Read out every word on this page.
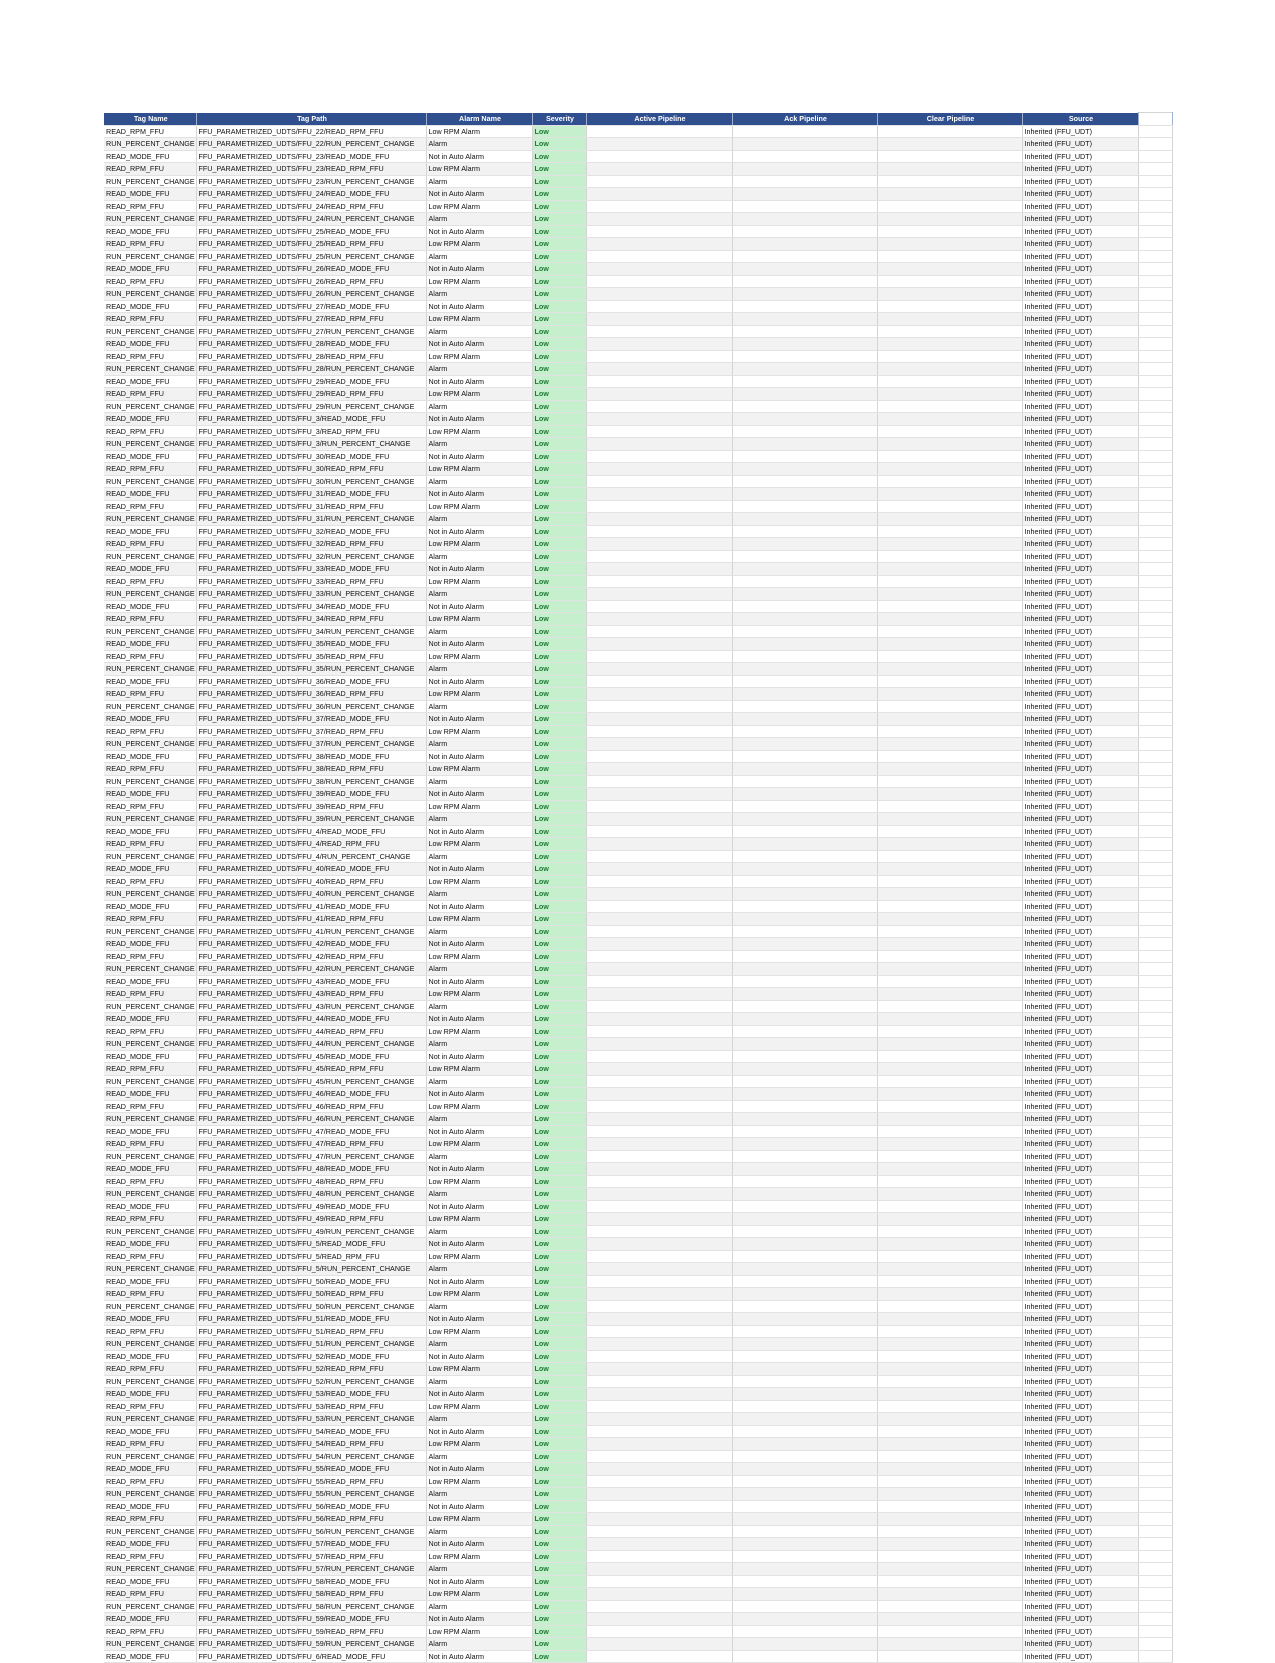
Tag Name	Tag Path	Alarm Name	Severity	Active Pipeline	Ack Pipeline	Clear Pipeline	Source	
READ_RPM_FFU	FFU_PARAMETRIZED_UDTS/FFU_22/READ_RPM_FFU	Low RPM Alarm	Low				Inherited (FFU_UDT)	
RUN_PERCENT_CHANGE	FFU_PARAMETRIZED_UDTS/FFU_22/RUN_PERCENT_CHANGE	Alarm	Low				Inherited (FFU_UDT)	
READ_MODE_FFU	FFU_PARAMETRIZED_UDTS/FFU_23/READ_MODE_FFU	Not in Auto Alarm	Low				Inherited (FFU_UDT)	
READ_RPM_FFU	FFU_PARAMETRIZED_UDTS/FFU_23/READ_RPM_FFU	Low RPM Alarm	Low				Inherited (FFU_UDT)	
RUN_PERCENT_CHANGE	FFU_PARAMETRIZED_UDTS/FFU_23/RUN_PERCENT_CHANGE	Alarm	Low				Inherited (FFU_UDT)	
READ_MODE_FFU	FFU_PARAMETRIZED_UDTS/FFU_24/READ_MODE_FFU	Not in Auto Alarm	Low				Inherited (FFU_UDT)	
READ_RPM_FFU	FFU_PARAMETRIZED_UDTS/FFU_24/READ_RPM_FFU	Low RPM Alarm	Low				Inherited (FFU_UDT)	
RUN_PERCENT_CHANGE	FFU_PARAMETRIZED_UDTS/FFU_24/RUN_PERCENT_CHANGE	Alarm	Low				Inherited (FFU_UDT)	
READ_MODE_FFU	FFU_PARAMETRIZED_UDTS/FFU_25/READ_MODE_FFU	Not in Auto Alarm	Low				Inherited (FFU_UDT)	
READ_RPM_FFU	FFU_PARAMETRIZED_UDTS/FFU_25/READ_RPM_FFU	Low RPM Alarm	Low				Inherited (FFU_UDT)	
RUN_PERCENT_CHANGE	FFU_PARAMETRIZED_UDTS/FFU_25/RUN_PERCENT_CHANGE	Alarm	Low				Inherited (FFU_UDT)	
READ_MODE_FFU	FFU_PARAMETRIZED_UDTS/FFU_26/READ_MODE_FFU	Not in Auto Alarm	Low				Inherited (FFU_UDT)	
READ_RPM_FFU	FFU_PARAMETRIZED_UDTS/FFU_26/READ_RPM_FFU	Low RPM Alarm	Low				Inherited (FFU_UDT)	
RUN_PERCENT_CHANGE	FFU_PARAMETRIZED_UDTS/FFU_26/RUN_PERCENT_CHANGE	Alarm	Low				Inherited (FFU_UDT)	
READ_MODE_FFU	FFU_PARAMETRIZED_UDTS/FFU_27/READ_MODE_FFU	Not in Auto Alarm	Low				Inherited (FFU_UDT)	
READ_RPM_FFU	FFU_PARAMETRIZED_UDTS/FFU_27/READ_RPM_FFU	Low RPM Alarm	Low				Inherited (FFU_UDT)	
RUN_PERCENT_CHANGE	FFU_PARAMETRIZED_UDTS/FFU_27/RUN_PERCENT_CHANGE	Alarm	Low				Inherited (FFU_UDT)	
READ_MODE_FFU	FFU_PARAMETRIZED_UDTS/FFU_28/READ_MODE_FFU	Not in Auto Alarm	Low				Inherited (FFU_UDT)	
READ_RPM_FFU	FFU_PARAMETRIZED_UDTS/FFU_28/READ_RPM_FFU	Low RPM Alarm	Low				Inherited (FFU_UDT)	
RUN_PERCENT_CHANGE	FFU_PARAMETRIZED_UDTS/FFU_28/RUN_PERCENT_CHANGE	Alarm	Low				Inherited (FFU_UDT)	
READ_MODE_FFU	FFU_PARAMETRIZED_UDTS/FFU_29/READ_MODE_FFU	Not in Auto Alarm	Low				Inherited (FFU_UDT)	
READ_RPM_FFU	FFU_PARAMETRIZED_UDTS/FFU_29/READ_RPM_FFU	Low RPM Alarm	Low				Inherited (FFU_UDT)	
RUN_PERCENT_CHANGE	FFU_PARAMETRIZED_UDTS/FFU_29/RUN_PERCENT_CHANGE	Alarm	Low				Inherited (FFU_UDT)	
READ_MODE_FFU	FFU_PARAMETRIZED_UDTS/FFU_3/READ_MODE_FFU	Not in Auto Alarm	Low				Inherited (FFU_UDT)	
READ_RPM_FFU	FFU_PARAMETRIZED_UDTS/FFU_3/READ_RPM_FFU	Low RPM Alarm	Low				Inherited (FFU_UDT)	
RUN_PERCENT_CHANGE	FFU_PARAMETRIZED_UDTS/FFU_3/RUN_PERCENT_CHANGE	Alarm	Low				Inherited (FFU_UDT)	
READ_MODE_FFU	FFU_PARAMETRIZED_UDTS/FFU_30/READ_MODE_FFU	Not in Auto Alarm	Low				Inherited (FFU_UDT)	
READ_RPM_FFU	FFU_PARAMETRIZED_UDTS/FFU_30/READ_RPM_FFU	Low RPM Alarm	Low				Inherited (FFU_UDT)	
RUN_PERCENT_CHANGE	FFU_PARAMETRIZED_UDTS/FFU_30/RUN_PERCENT_CHANGE	Alarm	Low				Inherited (FFU_UDT)	
READ_MODE_FFU	FFU_PARAMETRIZED_UDTS/FFU_31/READ_MODE_FFU	Not in Auto Alarm	Low				Inherited (FFU_UDT)	
READ_RPM_FFU	FFU_PARAMETRIZED_UDTS/FFU_31/READ_RPM_FFU	Low RPM Alarm	Low				Inherited (FFU_UDT)	
RUN_PERCENT_CHANGE	FFU_PARAMETRIZED_UDTS/FFU_31/RUN_PERCENT_CHANGE	Alarm	Low				Inherited (FFU_UDT)	
READ_MODE_FFU	FFU_PARAMETRIZED_UDTS/FFU_32/READ_MODE_FFU	Not in Auto Alarm	Low				Inherited (FFU_UDT)	
READ_RPM_FFU	FFU_PARAMETRIZED_UDTS/FFU_32/READ_RPM_FFU	Low RPM Alarm	Low				Inherited (FFU_UDT)	
RUN_PERCENT_CHANGE	FFU_PARAMETRIZED_UDTS/FFU_32/RUN_PERCENT_CHANGE	Alarm	Low				Inherited (FFU_UDT)	
READ_MODE_FFU	FFU_PARAMETRIZED_UDTS/FFU_33/READ_MODE_FFU	Not in Auto Alarm	Low				Inherited (FFU_UDT)	
READ_RPM_FFU	FFU_PARAMETRIZED_UDTS/FFU_33/READ_RPM_FFU	Low RPM Alarm	Low				Inherited (FFU_UDT)	
RUN_PERCENT_CHANGE	FFU_PARAMETRIZED_UDTS/FFU_33/RUN_PERCENT_CHANGE	Alarm	Low				Inherited (FFU_UDT)	
READ_MODE_FFU	FFU_PARAMETRIZED_UDTS/FFU_34/READ_MODE_FFU	Not in Auto Alarm	Low				Inherited (FFU_UDT)	
READ_RPM_FFU	FFU_PARAMETRIZED_UDTS/FFU_34/READ_RPM_FFU	Low RPM Alarm	Low				Inherited (FFU_UDT)	
RUN_PERCENT_CHANGE	FFU_PARAMETRIZED_UDTS/FFU_34/RUN_PERCENT_CHANGE	Alarm	Low				Inherited (FFU_UDT)	
READ_MODE_FFU	FFU_PARAMETRIZED_UDTS/FFU_35/READ_MODE_FFU	Not in Auto Alarm	Low				Inherited (FFU_UDT)	
READ_RPM_FFU	FFU_PARAMETRIZED_UDTS/FFU_35/READ_RPM_FFU	Low RPM Alarm	Low				Inherited (FFU_UDT)	
RUN_PERCENT_CHANGE	FFU_PARAMETRIZED_UDTS/FFU_35/RUN_PERCENT_CHANGE	Alarm	Low				Inherited (FFU_UDT)	
READ_MODE_FFU	FFU_PARAMETRIZED_UDTS/FFU_36/READ_MODE_FFU	Not in Auto Alarm	Low				Inherited (FFU_UDT)	
READ_RPM_FFU	FFU_PARAMETRIZED_UDTS/FFU_36/READ_RPM_FFU	Low RPM Alarm	Low				Inherited (FFU_UDT)	
RUN_PERCENT_CHANGE	FFU_PARAMETRIZED_UDTS/FFU_36/RUN_PERCENT_CHANGE	Alarm	Low				Inherited (FFU_UDT)	
READ_MODE_FFU	FFU_PARAMETRIZED_UDTS/FFU_37/READ_MODE_FFU	Not in Auto Alarm	Low				Inherited (FFU_UDT)	
READ_RPM_FFU	FFU_PARAMETRIZED_UDTS/FFU_37/READ_RPM_FFU	Low RPM Alarm	Low				Inherited (FFU_UDT)	
RUN_PERCENT_CHANGE	FFU_PARAMETRIZED_UDTS/FFU_37/RUN_PERCENT_CHANGE	Alarm	Low				Inherited (FFU_UDT)	
READ_MODE_FFU	FFU_PARAMETRIZED_UDTS/FFU_38/READ_MODE_FFU	Not in Auto Alarm	Low				Inherited (FFU_UDT)	
READ_RPM_FFU	FFU_PARAMETRIZED_UDTS/FFU_38/READ_RPM_FFU	Low RPM Alarm	Low				Inherited (FFU_UDT)	
RUN_PERCENT_CHANGE	FFU_PARAMETRIZED_UDTS/FFU_38/RUN_PERCENT_CHANGE	Alarm	Low				Inherited (FFU_UDT)	
READ_MODE_FFU	FFU_PARAMETRIZED_UDTS/FFU_39/READ_MODE_FFU	Not in Auto Alarm	Low				Inherited (FFU_UDT)	
READ_RPM_FFU	FFU_PARAMETRIZED_UDTS/FFU_39/READ_RPM_FFU	Low RPM Alarm	Low				Inherited (FFU_UDT)	
RUN_PERCENT_CHANGE	FFU_PARAMETRIZED_UDTS/FFU_39/RUN_PERCENT_CHANGE	Alarm	Low				Inherited (FFU_UDT)	
READ_MODE_FFU	FFU_PARAMETRIZED_UDTS/FFU_4/READ_MODE_FFU	Not in Auto Alarm	Low				Inherited (FFU_UDT)	
READ_RPM_FFU	FFU_PARAMETRIZED_UDTS/FFU_4/READ_RPM_FFU	Low RPM Alarm	Low				Inherited (FFU_UDT)	
RUN_PERCENT_CHANGE	FFU_PARAMETRIZED_UDTS/FFU_4/RUN_PERCENT_CHANGE	Alarm	Low				Inherited (FFU_UDT)	
READ_MODE_FFU	FFU_PARAMETRIZED_UDTS/FFU_40/READ_MODE_FFU	Not in Auto Alarm	Low				Inherited (FFU_UDT)	
READ_RPM_FFU	FFU_PARAMETRIZED_UDTS/FFU_40/READ_RPM_FFU	Low RPM Alarm	Low				Inherited (FFU_UDT)	
RUN_PERCENT_CHANGE	FFU_PARAMETRIZED_UDTS/FFU_40/RUN_PERCENT_CHANGE	Alarm	Low				Inherited (FFU_UDT)	
READ_MODE_FFU	FFU_PARAMETRIZED_UDTS/FFU_41/READ_MODE_FFU	Not in Auto Alarm	Low				Inherited (FFU_UDT)	
READ_RPM_FFU	FFU_PARAMETRIZED_UDTS/FFU_41/READ_RPM_FFU	Low RPM Alarm	Low				Inherited (FFU_UDT)	
RUN_PERCENT_CHANGE	FFU_PARAMETRIZED_UDTS/FFU_41/RUN_PERCENT_CHANGE	Alarm	Low				Inherited (FFU_UDT)	
READ_MODE_FFU	FFU_PARAMETRIZED_UDTS/FFU_42/READ_MODE_FFU	Not in Auto Alarm	Low				Inherited (FFU_UDT)	
READ_RPM_FFU	FFU_PARAMETRIZED_UDTS/FFU_42/READ_RPM_FFU	Low RPM Alarm	Low				Inherited (FFU_UDT)	
RUN_PERCENT_CHANGE	FFU_PARAMETRIZED_UDTS/FFU_42/RUN_PERCENT_CHANGE	Alarm	Low				Inherited (FFU_UDT)	
READ_MODE_FFU	FFU_PARAMETRIZED_UDTS/FFU_43/READ_MODE_FFU	Not in Auto Alarm	Low				Inherited (FFU_UDT)	
READ_RPM_FFU	FFU_PARAMETRIZED_UDTS/FFU_43/READ_RPM_FFU	Low RPM Alarm	Low				Inherited (FFU_UDT)	
RUN_PERCENT_CHANGE	FFU_PARAMETRIZED_UDTS/FFU_43/RUN_PERCENT_CHANGE	Alarm	Low				Inherited (FFU_UDT)	
READ_MODE_FFU	FFU_PARAMETRIZED_UDTS/FFU_44/READ_MODE_FFU	Not in Auto Alarm	Low				Inherited (FFU_UDT)	
READ_RPM_FFU	FFU_PARAMETRIZED_UDTS/FFU_44/READ_RPM_FFU	Low RPM Alarm	Low				Inherited (FFU_UDT)	
RUN_PERCENT_CHANGE	FFU_PARAMETRIZED_UDTS/FFU_44/RUN_PERCENT_CHANGE	Alarm	Low				Inherited (FFU_UDT)	
READ_MODE_FFU	FFU_PARAMETRIZED_UDTS/FFU_45/READ_MODE_FFU	Not in Auto Alarm	Low				Inherited (FFU_UDT)	
READ_RPM_FFU	FFU_PARAMETRIZED_UDTS/FFU_45/READ_RPM_FFU	Low RPM Alarm	Low				Inherited (FFU_UDT)	
RUN_PERCENT_CHANGE	FFU_PARAMETRIZED_UDTS/FFU_45/RUN_PERCENT_CHANGE	Alarm	Low				Inherited (FFU_UDT)	
READ_MODE_FFU	FFU_PARAMETRIZED_UDTS/FFU_46/READ_MODE_FFU	Not in Auto Alarm	Low				Inherited (FFU_UDT)	
READ_RPM_FFU	FFU_PARAMETRIZED_UDTS/FFU_46/READ_RPM_FFU	Low RPM Alarm	Low				Inherited (FFU_UDT)	
RUN_PERCENT_CHANGE	FFU_PARAMETRIZED_UDTS/FFU_46/RUN_PERCENT_CHANGE	Alarm	Low				Inherited (FFU_UDT)	
READ_MODE_FFU	FFU_PARAMETRIZED_UDTS/FFU_47/READ_MODE_FFU	Not in Auto Alarm	Low				Inherited (FFU_UDT)	
READ_RPM_FFU	FFU_PARAMETRIZED_UDTS/FFU_47/READ_RPM_FFU	Low RPM Alarm	Low				Inherited (FFU_UDT)	
RUN_PERCENT_CHANGE	FFU_PARAMETRIZED_UDTS/FFU_47/RUN_PERCENT_CHANGE	Alarm	Low				Inherited (FFU_UDT)	
READ_MODE_FFU	FFU_PARAMETRIZED_UDTS/FFU_48/READ_MODE_FFU	Not in Auto Alarm	Low				Inherited (FFU_UDT)	
READ_RPM_FFU	FFU_PARAMETRIZED_UDTS/FFU_48/READ_RPM_FFU	Low RPM Alarm	Low				Inherited (FFU_UDT)	
RUN_PERCENT_CHANGE	FFU_PARAMETRIZED_UDTS/FFU_48/RUN_PERCENT_CHANGE	Alarm	Low				Inherited (FFU_UDT)	
READ_MODE_FFU	FFU_PARAMETRIZED_UDTS/FFU_49/READ_MODE_FFU	Not in Auto Alarm	Low				Inherited (FFU_UDT)	
READ_RPM_FFU	FFU_PARAMETRIZED_UDTS/FFU_49/READ_RPM_FFU	Low RPM Alarm	Low				Inherited (FFU_UDT)	
RUN_PERCENT_CHANGE	FFU_PARAMETRIZED_UDTS/FFU_49/RUN_PERCENT_CHANGE	Alarm	Low				Inherited (FFU_UDT)	
READ_MODE_FFU	FFU_PARAMETRIZED_UDTS/FFU_5/READ_MODE_FFU	Not in Auto Alarm	Low				Inherited (FFU_UDT)	
READ_RPM_FFU	FFU_PARAMETRIZED_UDTS/FFU_5/READ_RPM_FFU	Low RPM Alarm	Low				Inherited (FFU_UDT)	
RUN_PERCENT_CHANGE	FFU_PARAMETRIZED_UDTS/FFU_5/RUN_PERCENT_CHANGE	Alarm	Low				Inherited (FFU_UDT)	
READ_MODE_FFU	FFU_PARAMETRIZED_UDTS/FFU_50/READ_MODE_FFU	Not in Auto Alarm	Low				Inherited (FFU_UDT)	
READ_RPM_FFU	FFU_PARAMETRIZED_UDTS/FFU_50/READ_RPM_FFU	Low RPM Alarm	Low				Inherited (FFU_UDT)	
RUN_PERCENT_CHANGE	FFU_PARAMETRIZED_UDTS/FFU_50/RUN_PERCENT_CHANGE	Alarm	Low				Inherited (FFU_UDT)	
READ_MODE_FFU	FFU_PARAMETRIZED_UDTS/FFU_51/READ_MODE_FFU	Not in Auto Alarm	Low				Inherited (FFU_UDT)	
READ_RPM_FFU	FFU_PARAMETRIZED_UDTS/FFU_51/READ_RPM_FFU	Low RPM Alarm	Low				Inherited (FFU_UDT)	
RUN_PERCENT_CHANGE	FFU_PARAMETRIZED_UDTS/FFU_51/RUN_PERCENT_CHANGE	Alarm	Low				Inherited (FFU_UDT)	
READ_MODE_FFU	FFU_PARAMETRIZED_UDTS/FFU_52/READ_MODE_FFU	Not in Auto Alarm	Low				Inherited (FFU_UDT)	
READ_RPM_FFU	FFU_PARAMETRIZED_UDTS/FFU_52/READ_RPM_FFU	Low RPM Alarm	Low				Inherited (FFU_UDT)	
RUN_PERCENT_CHANGE	FFU_PARAMETRIZED_UDTS/FFU_52/RUN_PERCENT_CHANGE	Alarm	Low				Inherited (FFU_UDT)	
READ_MODE_FFU	FFU_PARAMETRIZED_UDTS/FFU_53/READ_MODE_FFU	Not in Auto Alarm	Low				Inherited (FFU_UDT)	
READ_RPM_FFU	FFU_PARAMETRIZED_UDTS/FFU_53/READ_RPM_FFU	Low RPM Alarm	Low				Inherited (FFU_UDT)	
RUN_PERCENT_CHANGE	FFU_PARAMETRIZED_UDTS/FFU_53/RUN_PERCENT_CHANGE	Alarm	Low				Inherited (FFU_UDT)	
READ_MODE_FFU	FFU_PARAMETRIZED_UDTS/FFU_54/READ_MODE_FFU	Not in Auto Alarm	Low				Inherited (FFU_UDT)	
READ_RPM_FFU	FFU_PARAMETRIZED_UDTS/FFU_54/READ_RPM_FFU	Low RPM Alarm	Low				Inherited (FFU_UDT)	
RUN_PERCENT_CHANGE	FFU_PARAMETRIZED_UDTS/FFU_54/RUN_PERCENT_CHANGE	Alarm	Low				Inherited (FFU_UDT)	
READ_MODE_FFU	FFU_PARAMETRIZED_UDTS/FFU_55/READ_MODE_FFU	Not in Auto Alarm	Low				Inherited (FFU_UDT)	
READ_RPM_FFU	FFU_PARAMETRIZED_UDTS/FFU_55/READ_RPM_FFU	Low RPM Alarm	Low				Inherited (FFU_UDT)	
RUN_PERCENT_CHANGE	FFU_PARAMETRIZED_UDTS/FFU_55/RUN_PERCENT_CHANGE	Alarm	Low				Inherited (FFU_UDT)	
READ_MODE_FFU	FFU_PARAMETRIZED_UDTS/FFU_56/READ_MODE_FFU	Not in Auto Alarm	Low				Inherited (FFU_UDT)	
READ_RPM_FFU	FFU_PARAMETRIZED_UDTS/FFU_56/READ_RPM_FFU	Low RPM Alarm	Low				Inherited (FFU_UDT)	
RUN_PERCENT_CHANGE	FFU_PARAMETRIZED_UDTS/FFU_56/RUN_PERCENT_CHANGE	Alarm	Low				Inherited (FFU_UDT)	
READ_MODE_FFU	FFU_PARAMETRIZED_UDTS/FFU_57/READ_MODE_FFU	Not in Auto Alarm	Low				Inherited (FFU_UDT)	
READ_RPM_FFU	FFU_PARAMETRIZED_UDTS/FFU_57/READ_RPM_FFU	Low RPM Alarm	Low				Inherited (FFU_UDT)	
RUN_PERCENT_CHANGE	FFU_PARAMETRIZED_UDTS/FFU_57/RUN_PERCENT_CHANGE	Alarm	Low				Inherited (FFU_UDT)	
READ_MODE_FFU	FFU_PARAMETRIZED_UDTS/FFU_58/READ_MODE_FFU	Not in Auto Alarm	Low				Inherited (FFU_UDT)	
READ_RPM_FFU	FFU_PARAMETRIZED_UDTS/FFU_58/READ_RPM_FFU	Low RPM Alarm	Low				Inherited (FFU_UDT)	
RUN_PERCENT_CHANGE	FFU_PARAMETRIZED_UDTS/FFU_58/RUN_PERCENT_CHANGE	Alarm	Low				Inherited (FFU_UDT)	
READ_MODE_FFU	FFU_PARAMETRIZED_UDTS/FFU_59/READ_MODE_FFU	Not in Auto Alarm	Low				Inherited (FFU_UDT)	
READ_RPM_FFU	FFU_PARAMETRIZED_UDTS/FFU_59/READ_RPM_FFU	Low RPM Alarm	Low				Inherited (FFU_UDT)	
RUN_PERCENT_CHANGE	FFU_PARAMETRIZED_UDTS/FFU_59/RUN_PERCENT_CHANGE	Alarm	Low				Inherited (FFU_UDT)	
READ_MODE_FFU	FFU_PARAMETRIZED_UDTS/FFU_6/READ_MODE_FFU	Not in Auto Alarm	Low				Inherited (FFU_UDT)	
